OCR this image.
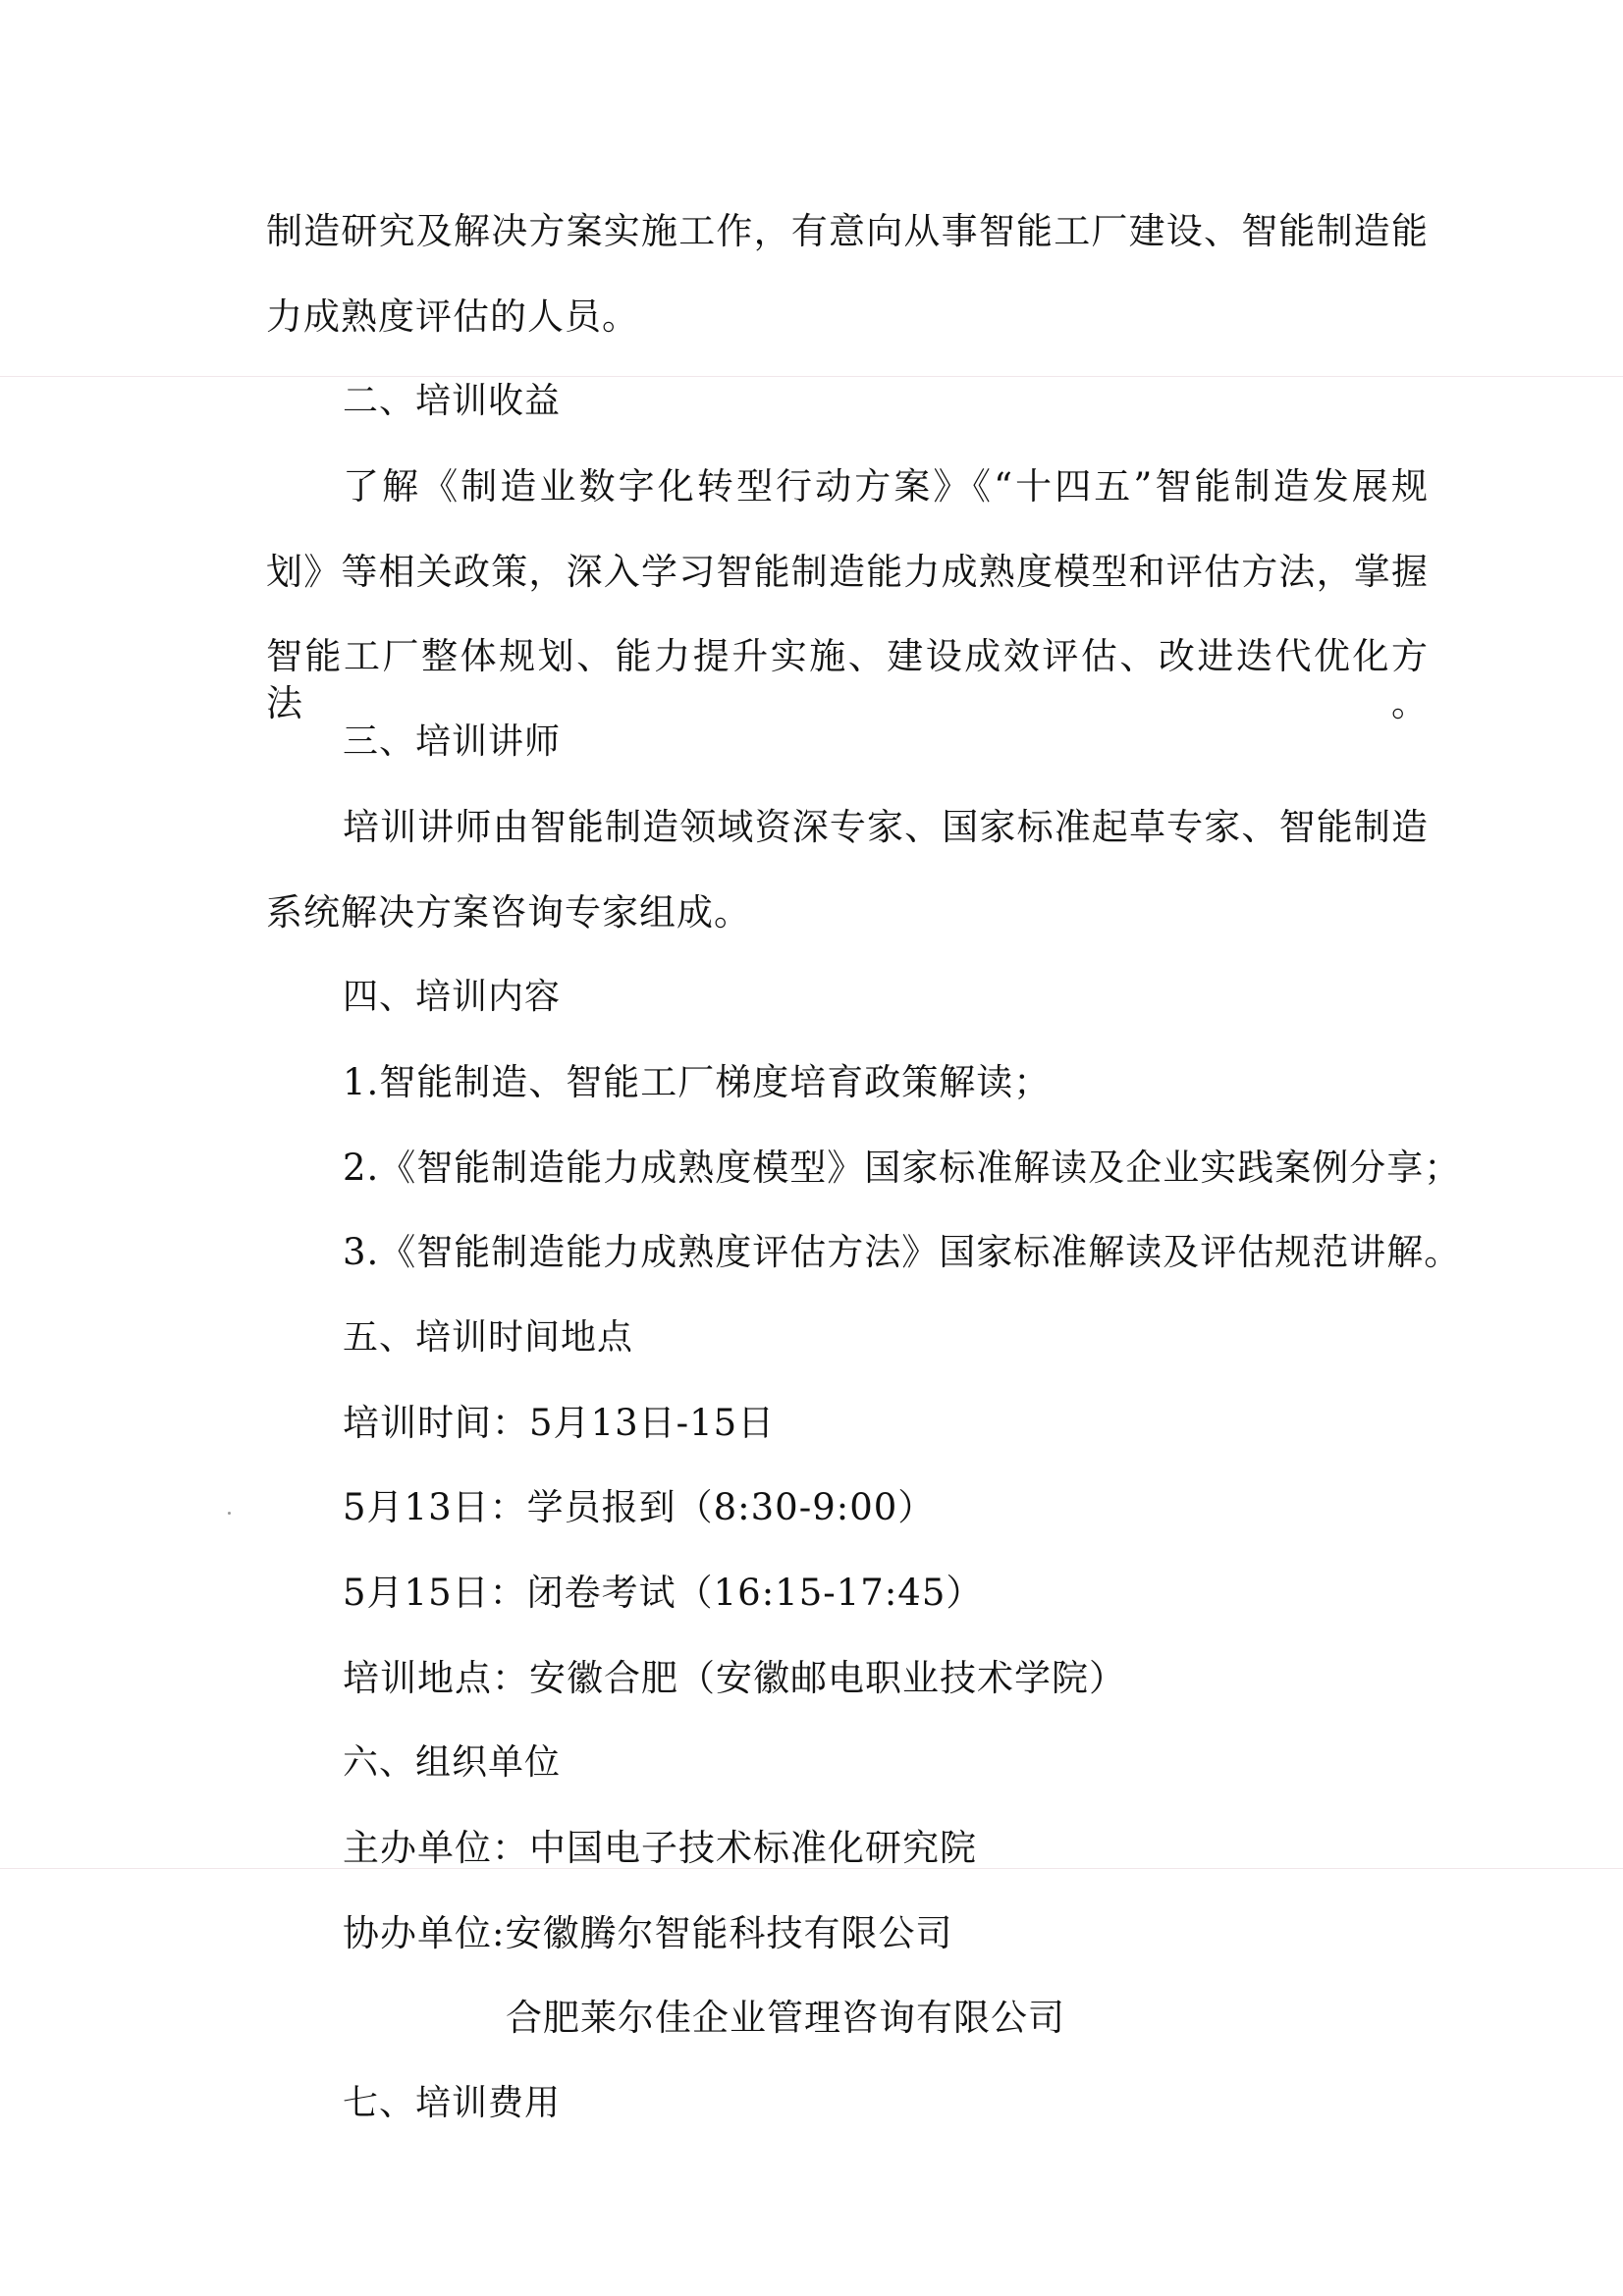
制造研究及解决方案实施工作，有意向从事智能工厂建设、智能制造能
力成熟度评估的人员。
二、培训收益
了解《制造业数字化转型行动方案》《“十四五”智能制造发展规
划》等相关政策，深入学习智能制造能力成熟度模型和评估方法，掌握
智能工厂整体规划、能力提升实施、建设成效评估、改进迭代优化方法。
三、培训讲师
培训讲师由智能制造领域资深专家、国家标准起草专家、智能制造
系统解决方案咨询专家组成。
四、培训内容
1.智能制造、智能工厂梯度培育政策解读；
2.《智能制造能力成熟度模型》国家标准解读及企业实践案例分享；
3.《智能制造能力成熟度评估方法》国家标准解读及评估规范讲解。
五、培训时间地点
培训时间：5月13日-15日
5月13日：学员报到（8:30-9:00）
5月15日：闭卷考试（16:15-17:45）
培训地点：安徽合肥（安徽邮电职业技术学院）
六、组织单位
主办单位：中国电子技术标准化研究院
协办单位:安徽腾尔智能科技有限公司
合肥莱尔佳企业管理咨询有限公司
七、培训费用
